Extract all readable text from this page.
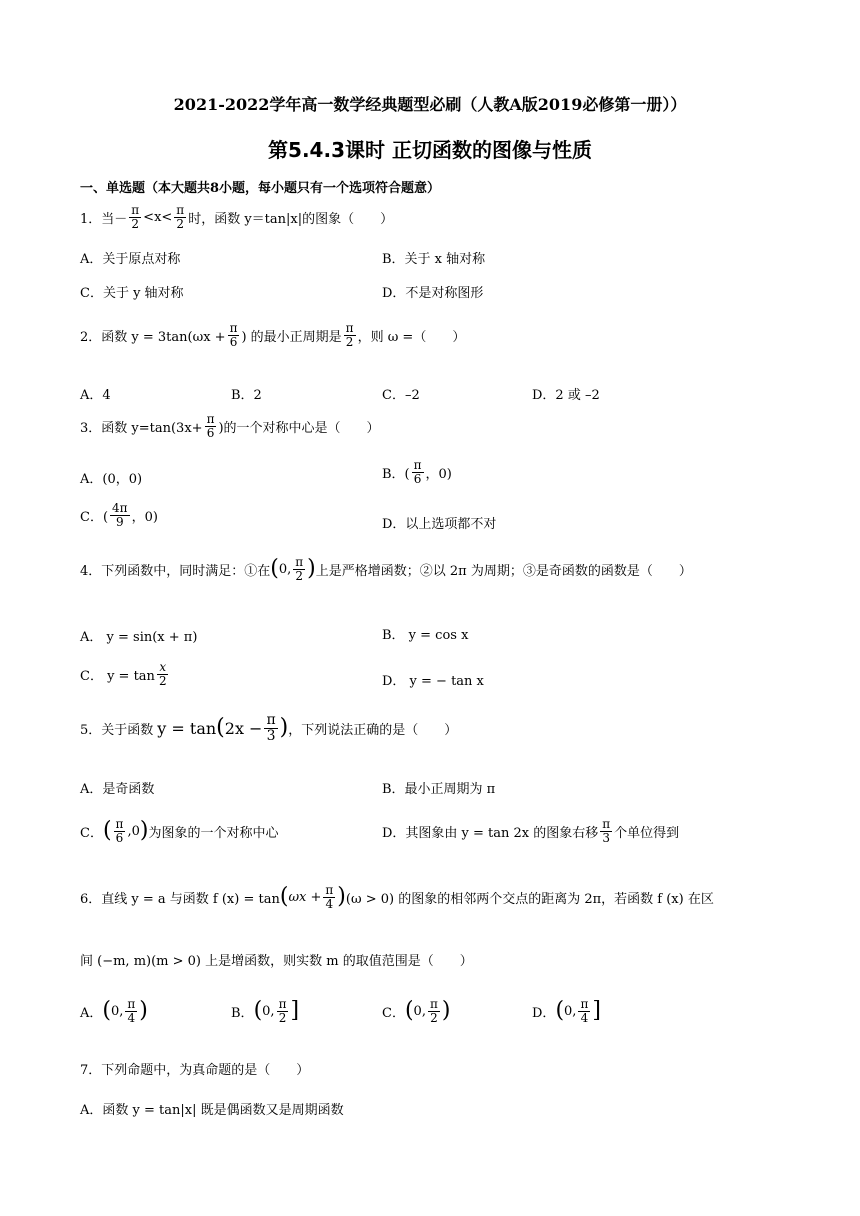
2021-2022学年高一数学经典题型必刷（人教A版2019必修第一册））
第5.4.3课时 正切函数的图像与性质
一、单选题（本大题共8小题，每小题只有一个选项符合题意）
1．当－ $\frac{\pi}{2} <x< \frac{\pi}{2}$ 时，函数 y＝tan|x|的图象（　　）
A．关于原点对称	B．关于 x 轴对称
C．关于 y 轴对称	D．不是对称图形
2．函数 $y = 3\tan(\omega x + \frac{\pi}{6}$ ) 的最小正周期是 $\frac{\pi}{2}$ ，则 ω =（　　）
A．4	B．2	C．–2	D．2 或 –2
3．函数 $y=\tan(3x+ \frac{\pi}{6}$ )的一个对称中心是（　　）
A．(0，0)	B．( $\frac{\pi}{6}$ ，0)
C．( $\frac{4\pi}{9}$ ，0)	D．以上选项都不对
4．下列函数中，同时满足：①在 ( 0, $\frac{\pi}{2}$ ) 上是严格增函数；②以 2π 为周期；③是奇函数的函数是（　　）
A． y = sin(x + π)	B． y = cos x
C． $y = \tan \frac{x}{2}$	D． y = − tan x
5．关于函数 y = tan ( $2x - \frac{\pi}{3}$ ) ，下列说法正确的是（　　）
A．是奇函数	B．最小正周期为 π
C． ( $\frac{\pi}{6} ,0$ ) 为图象的一个对称中心	D．其图象由 y = tan 2x 的图象右移 $\frac{\pi}{3}$ 个单位得到
6．直线 y = a 与函数 f (x) = tan ( $\omega x + \frac{\pi}{4}$ ) (ω > 0) 的图象的相邻两个交点的距离为 2π，若函数 f (x) 在区
间 (−m, m)(m > 0) 上是增函数，则实数 m 的取值范围是（　　）
A． ( 0, $\frac{\pi}{4}$ )	B． ( 0, $\frac{\pi}{2}$ ]	C． ( 0, $\frac{\pi}{2}$ )	D． ( 0, $\frac{\pi}{4}$ ]
7．下列命题中，为真命题的是（　　）
A．函数 y = tan|x| 既是偶函数又是周期函数
